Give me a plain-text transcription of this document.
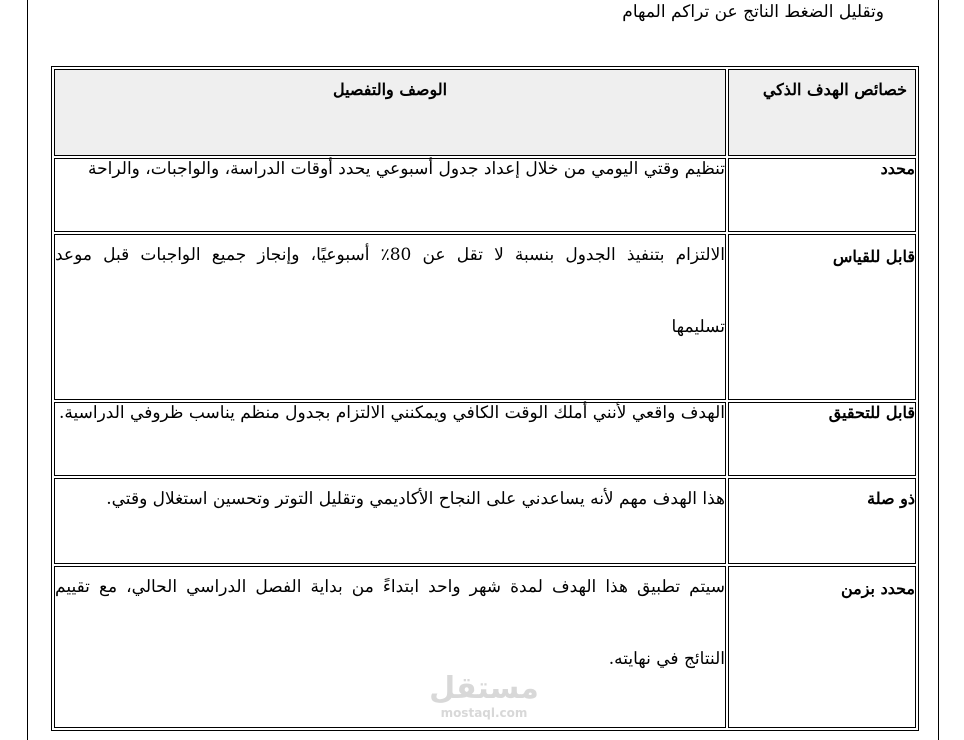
وتقليل الضغط الناتج عن تراكم المهام
خصائص الهدف الذكي	الوصف والتفصيل
محدد	تنظيم وقتي اليومي من خلال إعداد جدول أسبوعي يحدد أوقات الدراسة، والواجبات، والراحة
قابل للقياس	الالتزام بتنفيذ الجدول بنسبة لا تقل عن 80٪ أسبوعيًا، وإنجاز جميع الواجبات قبل موعد
تسليمها

قابل للتحقيق	الهدف واقعي لأنني أملك الوقت الكافي ويمكنني الالتزام بجدول منظم يناسب ظروفي الدراسية.
ذو صلة	هذا الهدف مهم لأنه يساعدني على النجاح الأكاديمي وتقليل التوتر وتحسين استغلال وقتي.
محدد بزمن	سيتم تطبيق هذا الهدف لمدة شهر واحد ابتداءً من بداية الفصل الدراسي الحالي، مع تقييم
النتائج في نهايته.
مستقل
mostaql.com
